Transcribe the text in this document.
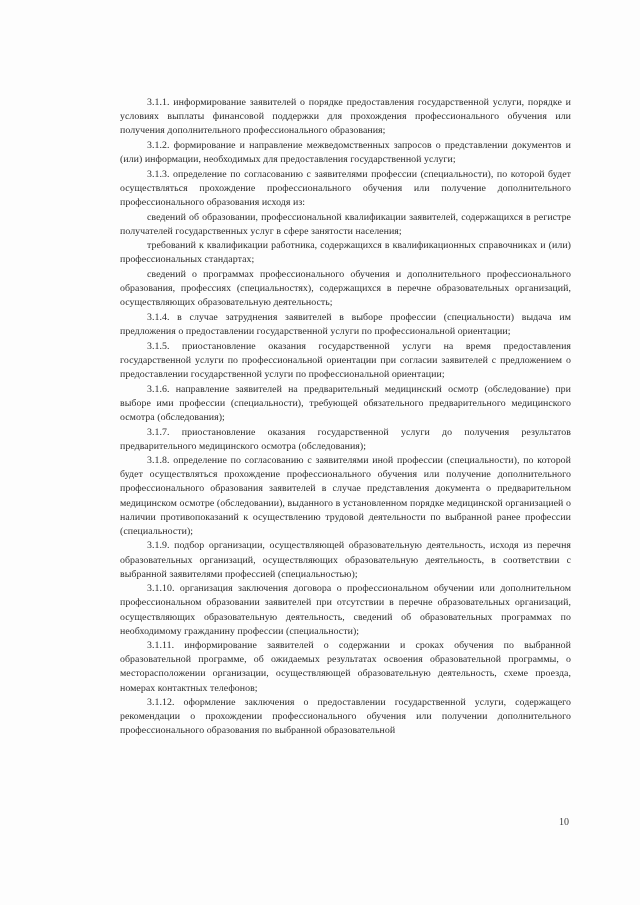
3.1.1. информирование заявителей о порядке предоставления государственной услуги, порядке и условиях выплаты финансовой поддержки для прохождения профессионального обучения или получения дополнительного профессионального образования;

3.1.2. формирование и направление межведомственных запросов о представлении документов и (или) информации, необходимых для предоставления государственной услуги;

3.1.3. определение по согласованию с заявителями профессии (специальности), по которой будет осуществляться прохождение профессионального обучения или получение дополнительного профессионального образования исходя из:

сведений об образовании, профессиональной квалификации заявителей, содержащихся в регистре получателей государственных услуг в сфере занятости населения;

требований к квалификации работника, содержащихся в квалификационных справочниках и (или) профессиональных стандартах;

сведений о программах профессионального обучения и дополнительного профессионального образования, профессиях (специальностях), содержащихся в перечне образовательных организаций, осуществляющих образовательную деятельность;

3.1.4. в случае затруднения заявителей в выборе профессии (специальности) выдача им предложения о предоставлении государственной услуги по профессиональной ориентации;

3.1.5. приостановление оказания государственной услуги на время предоставления государственной услуги по профессиональной ориентации при согласии заявителей с предложением о предоставлении государственной услуги по профессиональной ориентации;

3.1.6. направление заявителей на предварительный медицинский осмотр (обследование) при выборе ими профессии (специальности), требующей обязательного предварительного медицинского осмотра (обследования);

3.1.7. приостановление оказания государственной услуги до получения результатов предварительного медицинского осмотра (обследования);

3.1.8. определение по согласованию с заявителями иной профессии (специальности), по которой будет осуществляться прохождение профессионального обучения или получение дополнительного профессионального образования заявителей в случае представления документа о предварительном медицинском осмотре (обследовании), выданного в установленном порядке медицинской организацией о наличии противопоказаний к осуществлению трудовой деятельности по выбранной ранее профессии (специальности);

3.1.9. подбор организации, осуществляющей образовательную деятельность, исходя из перечня образовательных организаций, осуществляющих образовательную деятельность, в соответствии с выбранной заявителями профессией (специальностью);

3.1.10. организация заключения договора о профессиональном обучении или дополнительном профессиональном образовании заявителей при отсутствии в перечне образовательных организаций, осуществляющих образовательную деятельность, сведений об образовательных программах по необходимому гражданину профессии (специальности);

3.1.11. информирование заявителей о содержании и сроках обучения по выбранной образовательной программе, об ожидаемых результатах освоения образовательной программы, о месторасположении организации, осуществляющей образовательную деятельность, схеме проезда, номерах контактных телефонов;

3.1.12. оформление заключения о предоставлении государственной услуги, содержащего рекомендации о прохождении профессионального обучения или получении дополнительного профессионального образования по выбранной образовательной

10
